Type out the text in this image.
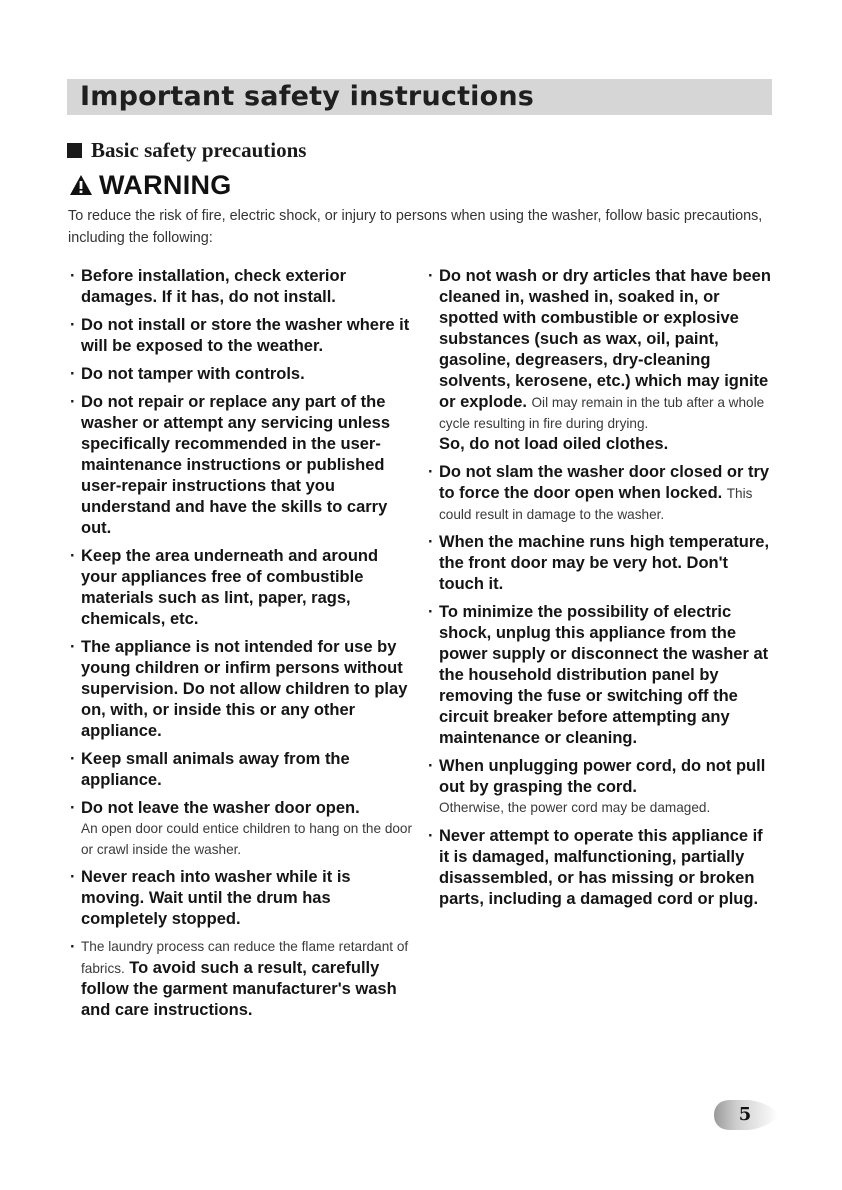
Important safety instructions
Basic safety precautions
WARNING
To reduce the risk of fire, electric shock, or injury to persons when using the washer, follow basic precautions, including the following:
· Before installation, check exterior damages. If it has, do not install.
· Do not install or store the washer where it will be exposed to the weather.
· Do not tamper with controls.
· Do not repair or replace any part of the washer or attempt any servicing unless specifically recommended in the user-maintenance instructions or published user-repair instructions that you understand and have the skills to carry out.
· Keep the area underneath and around your appliances free of combustible materials such as lint, paper, rags, chemicals, etc.
· The appliance is not intended for use by young children or infirm persons without supervision. Do not allow children to play on, with, or inside this or any other appliance.
· Keep small animals away from the appliance.
· Do not leave the washer door open.
An open door could entice children to hang on the door or crawl inside the washer.
· Never reach into washer while it is moving. Wait until the drum has completely stopped.
· The laundry process can reduce the flame retardant of fabrics. To avoid such a result, carefully follow the garment manufacturer's wash and care instructions.
· Do not wash or dry articles that have been cleaned in, washed in, soaked in, or spotted with combustible or explosive substances (such as wax, oil, paint, gasoline, degreasers, dry-cleaning solvents, kerosene, etc.) which may ignite or explode. Oil may remain in the tub after a whole cycle resulting in fire during drying.
So, do not load oiled clothes.
· Do not slam the washer door closed or try to force the door open when locked. This could result in damage to the washer.
· When the machine runs high temperature, the front door may be very hot. Don't touch it.
· To minimize the possibility of electric shock, unplug this appliance from the power supply or disconnect the washer at the household distribution panel by removing the fuse or switching off the circuit breaker before attempting any maintenance or cleaning.
· When unplugging power cord, do not pull out by grasping the cord.
Otherwise, the power cord may be damaged.
· Never attempt to operate this appliance if it is damaged, malfunctioning, partially disassembled, or has missing or broken parts, including a damaged cord or plug.
5
